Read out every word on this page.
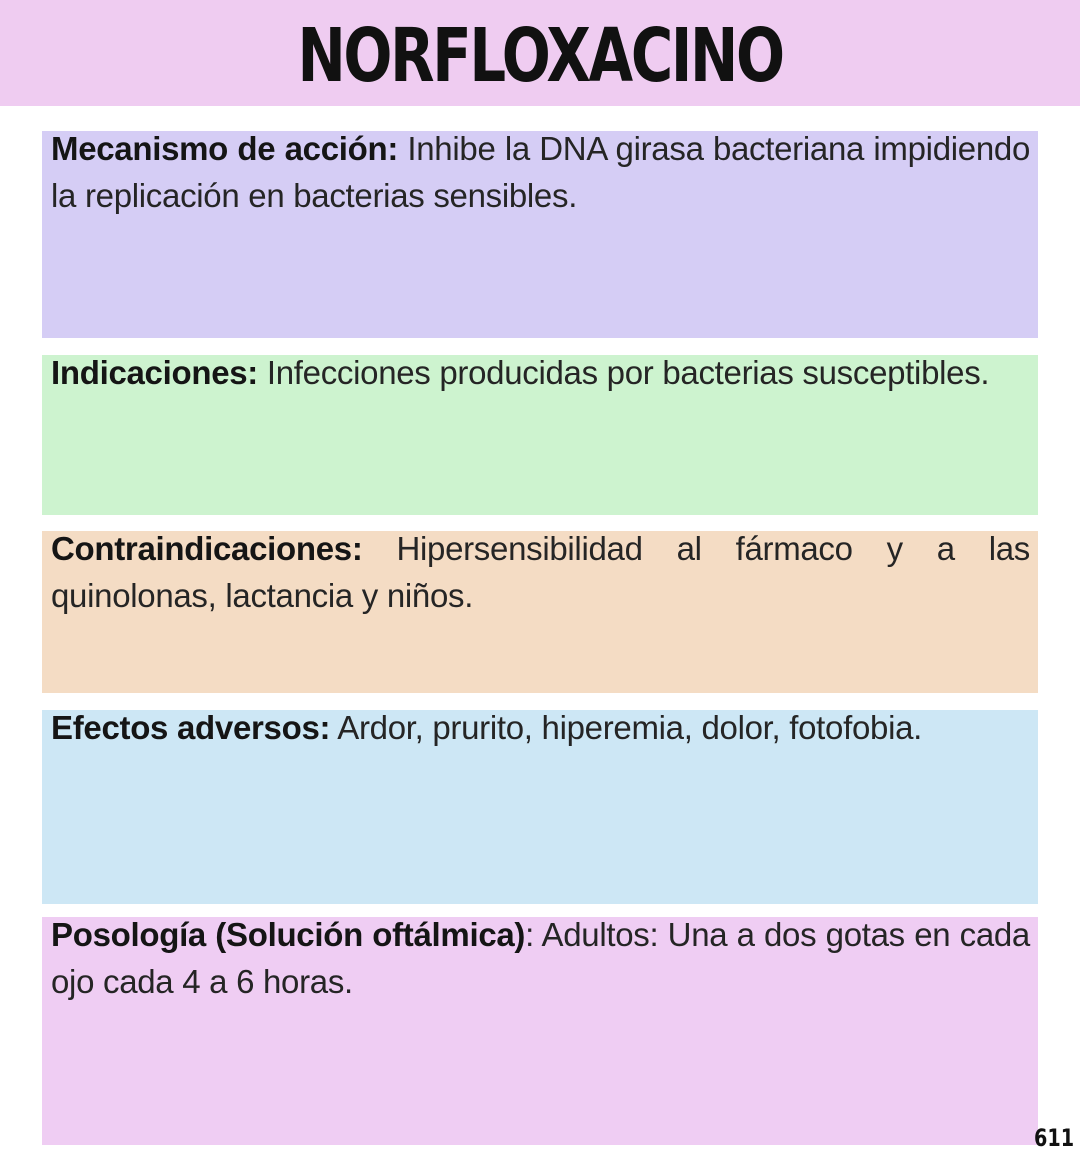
NORFLOXACINO

Mecanismo de acción: Inhibe la DNA girasa bacteriana impidiendo la replicación en bacterias sensibles.

Indicaciones: Infecciones producidas por bacterias susceptibles.

Contraindicaciones: Hipersensibilidad al fármaco y a las quinolonas, lactancia y niños.

Efectos adversos: Ardor, prurito, hiperemia, dolor, fotofobia.

Posología (Solución oftálmica): Adultos: Una a dos gotas en cada ojo cada 4 a 6 horas.

611
